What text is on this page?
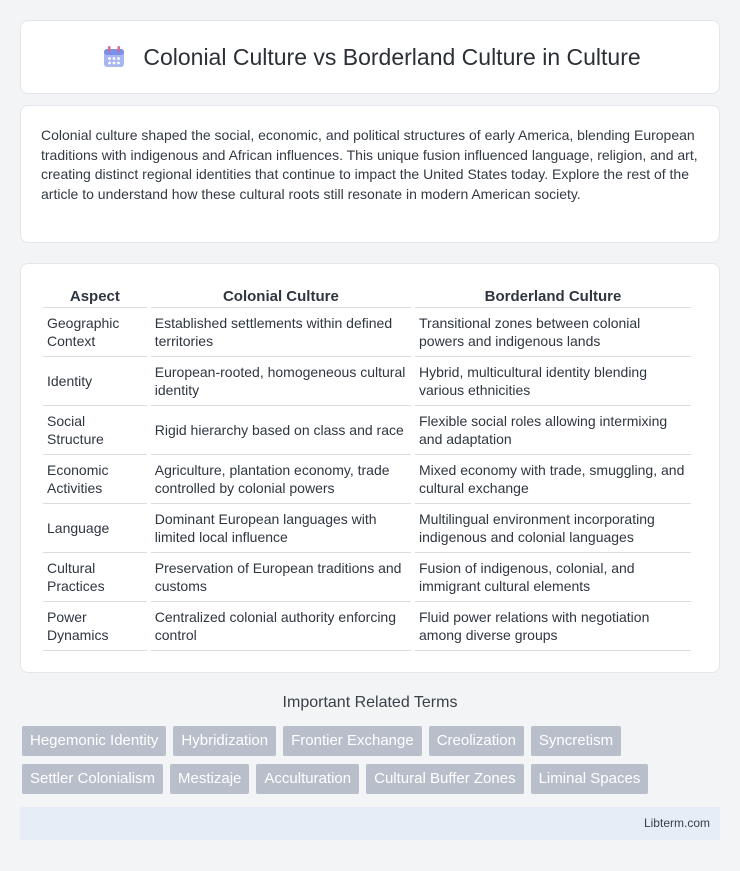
Colonial Culture vs Borderland Culture in Culture

Colonial culture shaped the social, economic, and political structures of early America, blending European traditions with indigenous and African influences. This unique fusion influenced language, religion, and art, creating distinct regional identities that continue to impact the United States today. Explore the rest of the article to understand how these cultural roots still resonate in modern American society.

Aspect	Colonial Culture	Borderland Culture
Geographic Context	Established settlements within defined territories	Transitional zones between colonial powers and indigenous lands
Identity	European-rooted, homogeneous cultural identity	Hybrid, multicultural identity blending various ethnicities
Social Structure	Rigid hierarchy based on class and race	Flexible social roles allowing intermixing and adaptation
Economic Activities	Agriculture, plantation economy, trade controlled by colonial powers	Mixed economy with trade, smuggling, and cultural exchange
Language	Dominant European languages with limited local influence	Multilingual environment incorporating indigenous and colonial languages
Cultural Practices	Preservation of European traditions and customs	Fusion of indigenous, colonial, and immigrant cultural elements
Power Dynamics	Centralized colonial authority enforcing control	Fluid power relations with negotiation among diverse groups
Important Related Terms
Hegemonic Identity	Hybridization	Frontier Exchange	Creolization	Syncretism
Settler Colonialism	Mestizaje	Acculturation	Cultural Buffer Zones	Liminal Spaces
Libterm.com
